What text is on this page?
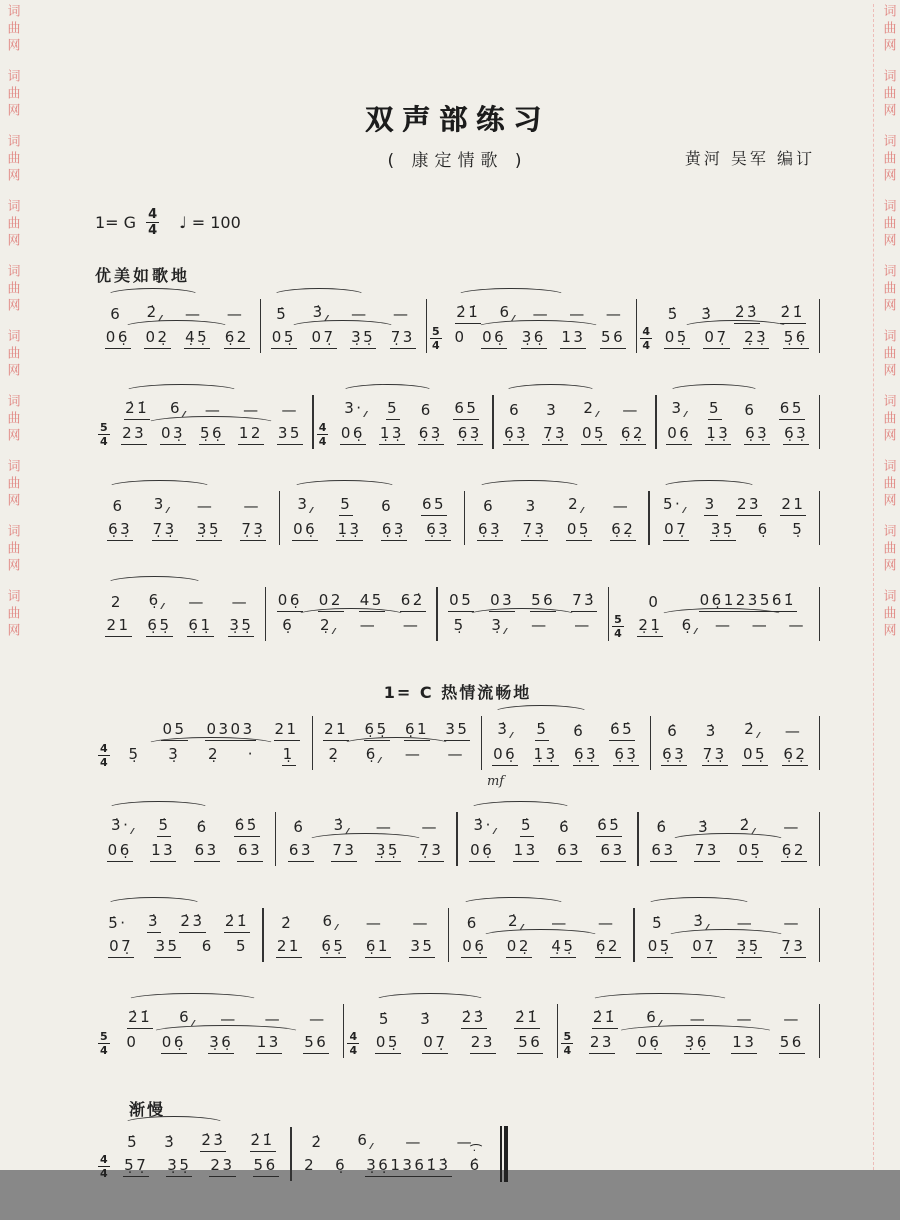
词曲网
词曲网
词曲网
词曲网
词曲网
词曲网
词曲网
词曲网
词曲网
词曲网
词曲网
词曲网
词曲网
词曲网
词曲网
词曲网
词曲网
词曲网
词曲网
词曲网
双声部练习
( 康定情歌 )	黄河 吴军 编订
1= G $\frac{4}{4}$ ♩ = 100
优美如歌地
6 2̇ ⁄⁄⁄ — —
06̣ 02̣ 4̣5̣ 6̣2
5̇ 3̇ ⁄⁄⁄ — —
05̣ 07̣ 3̣5̣ 7̣3 $\frac{5}{4}$
2̇1̇ 6 ⁄⁄⁄ — — —
0 06̣ 3̣6̣ 13 $56 \frac{4}{4}$
5̇ 3̇ 2̇3̇ 2̇1̇
05̣ 07̣ 2̣3̣ 5̣6̣
$\frac{5}{4}$
2̇1̇ 6 ⁄⁄⁄ — — —
23 03̣ 5̣6̣ 12 $35 \frac{4}{4}$
3· ⁄⁄⁄ 5 6 65
06̣ 1̣3̣ 6̣3̣ 6̣3̣
6 3 2 ⁄⁄⁄ —
6̣3̣ 7̣3̣ 05̣ 6̣2̣
3 ⁄⁄⁄ 5 6 65
06̣ 1̣3̣ 6̣3̣ 6̣3̣
6 3 ⁄⁄⁄ — —
6̣3̣ 7̣3̣ 3̣5̣ 7̣3̣
3 ⁄⁄⁄ 5 6 65
06̣ 1̣3̣ 6̣3̣ 6̣3̣
6 3 2 ⁄⁄⁄ —
6̣3̣ 7̣3̣ 05̣ 6̣2̣
5· ⁄⁄⁄ 3 23 21
07̣ 3̣5̣ 6̣ 5̣
2 6̣ ⁄⁄⁄ — —
21 6̣5̣ 6̣1̣ 3̣5̣
06̣ 02 45 62̇
6̣ 2̣ ⁄⁄⁄ — —
05 03 56 73̇
5̣ 3̣ ⁄⁄⁄ — — $\frac{5}{4}$
0	06̣123561̇
2̣1̣ 6̣ ⁄⁄⁄ — — —
1= C 热情流畅地
$\frac{4}{4}$
05 0303 21
5̣ 3̣ 2̣ · 1̣
21 6̣5̣ 6̣1 35
2̣ 6̣ ⁄⁄⁄ — —
3̇ ⁄⁄⁄ 5̇ 6̇ 6̇5̇
06̣ 1̣3̣ 6̣3̣ 6̣3̣
mf
6̇ 3̇ 2̇ ⁄⁄⁄ —
6̣3̣ 7̣3̣ 05̣ 6̣2̣
3̇· ⁄⁄⁄ 5̇ 6̇ 6̇5̇
06̣ 13 63 63
6̇ 3̇ ⁄⁄⁄ — —
63 73 3̣5̣ 7̣3
3̇· ⁄⁄⁄ 5̇ 6̇ 6̇5̇
06̣ 13 63 63
6̇ 3̇ 2̇ ⁄⁄⁄ —
63 73 05̣ 6̣2
5̇· 3̇ 2̇3̇ 2̇1̇
07̣ 35 6 5
2̇ 6 ⁄⁄⁄ — —
21 6̣5̣ 6̣1 35
6 2̇ ⁄⁄⁄ — —
06̣ 02̣ 4̣5̣ 6̣2
5̇ 3̇ ⁄⁄⁄ — —
05̣ 07̣ 3̣5̣ 7̣3
$\frac{5}{4}$
2̇1̇ 6 ⁄⁄⁄ — — —
0 06̣ 3̣6̣ 13 $56 \frac{4}{4}$
5̇ 3̇ 2̇3̇ 2̇1̇
05̣ 07̣ 23 $56 \frac{5}{4}$
2̇1̇ 6 ⁄⁄⁄ — — —
23 06̣ 3̣6̣ 13 56
渐慢
$\frac{4}{4}$
5̇ 3̇ 2̇3̇ 2̇1̇
5̣7̣ 3̣5̣ 23 56
2̇ 6 ⁄⁄⁄ — —
2 6̣ 3̣6̣1361̇3̇ 6̇ ·
